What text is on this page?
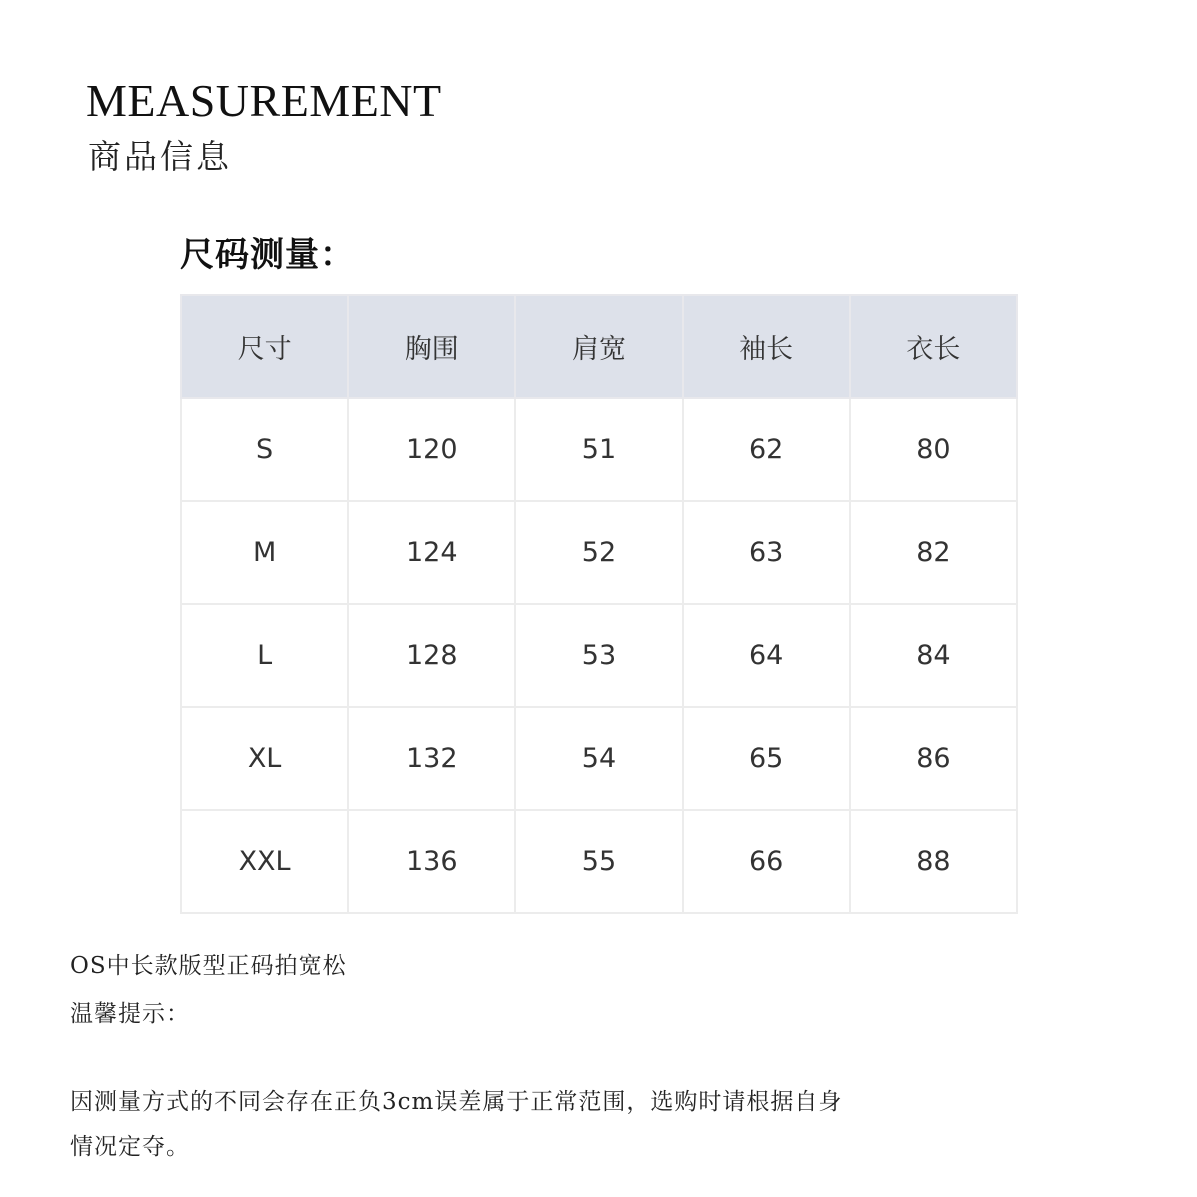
MEASUREMENT
商品信息
尺码测量：
尺寸	胸围	肩宽	袖长	衣长
S	120	51	62	80
M	124	52	63	82
L	128	53	64	84
XL	132	54	65	86
XXL	136	55	66	88
OS中长款版型正码拍宽松
温馨提示：
因测量方式的不同会存在正负3cm误差属于正常范围，选购时请根据自身
情况定夺。
